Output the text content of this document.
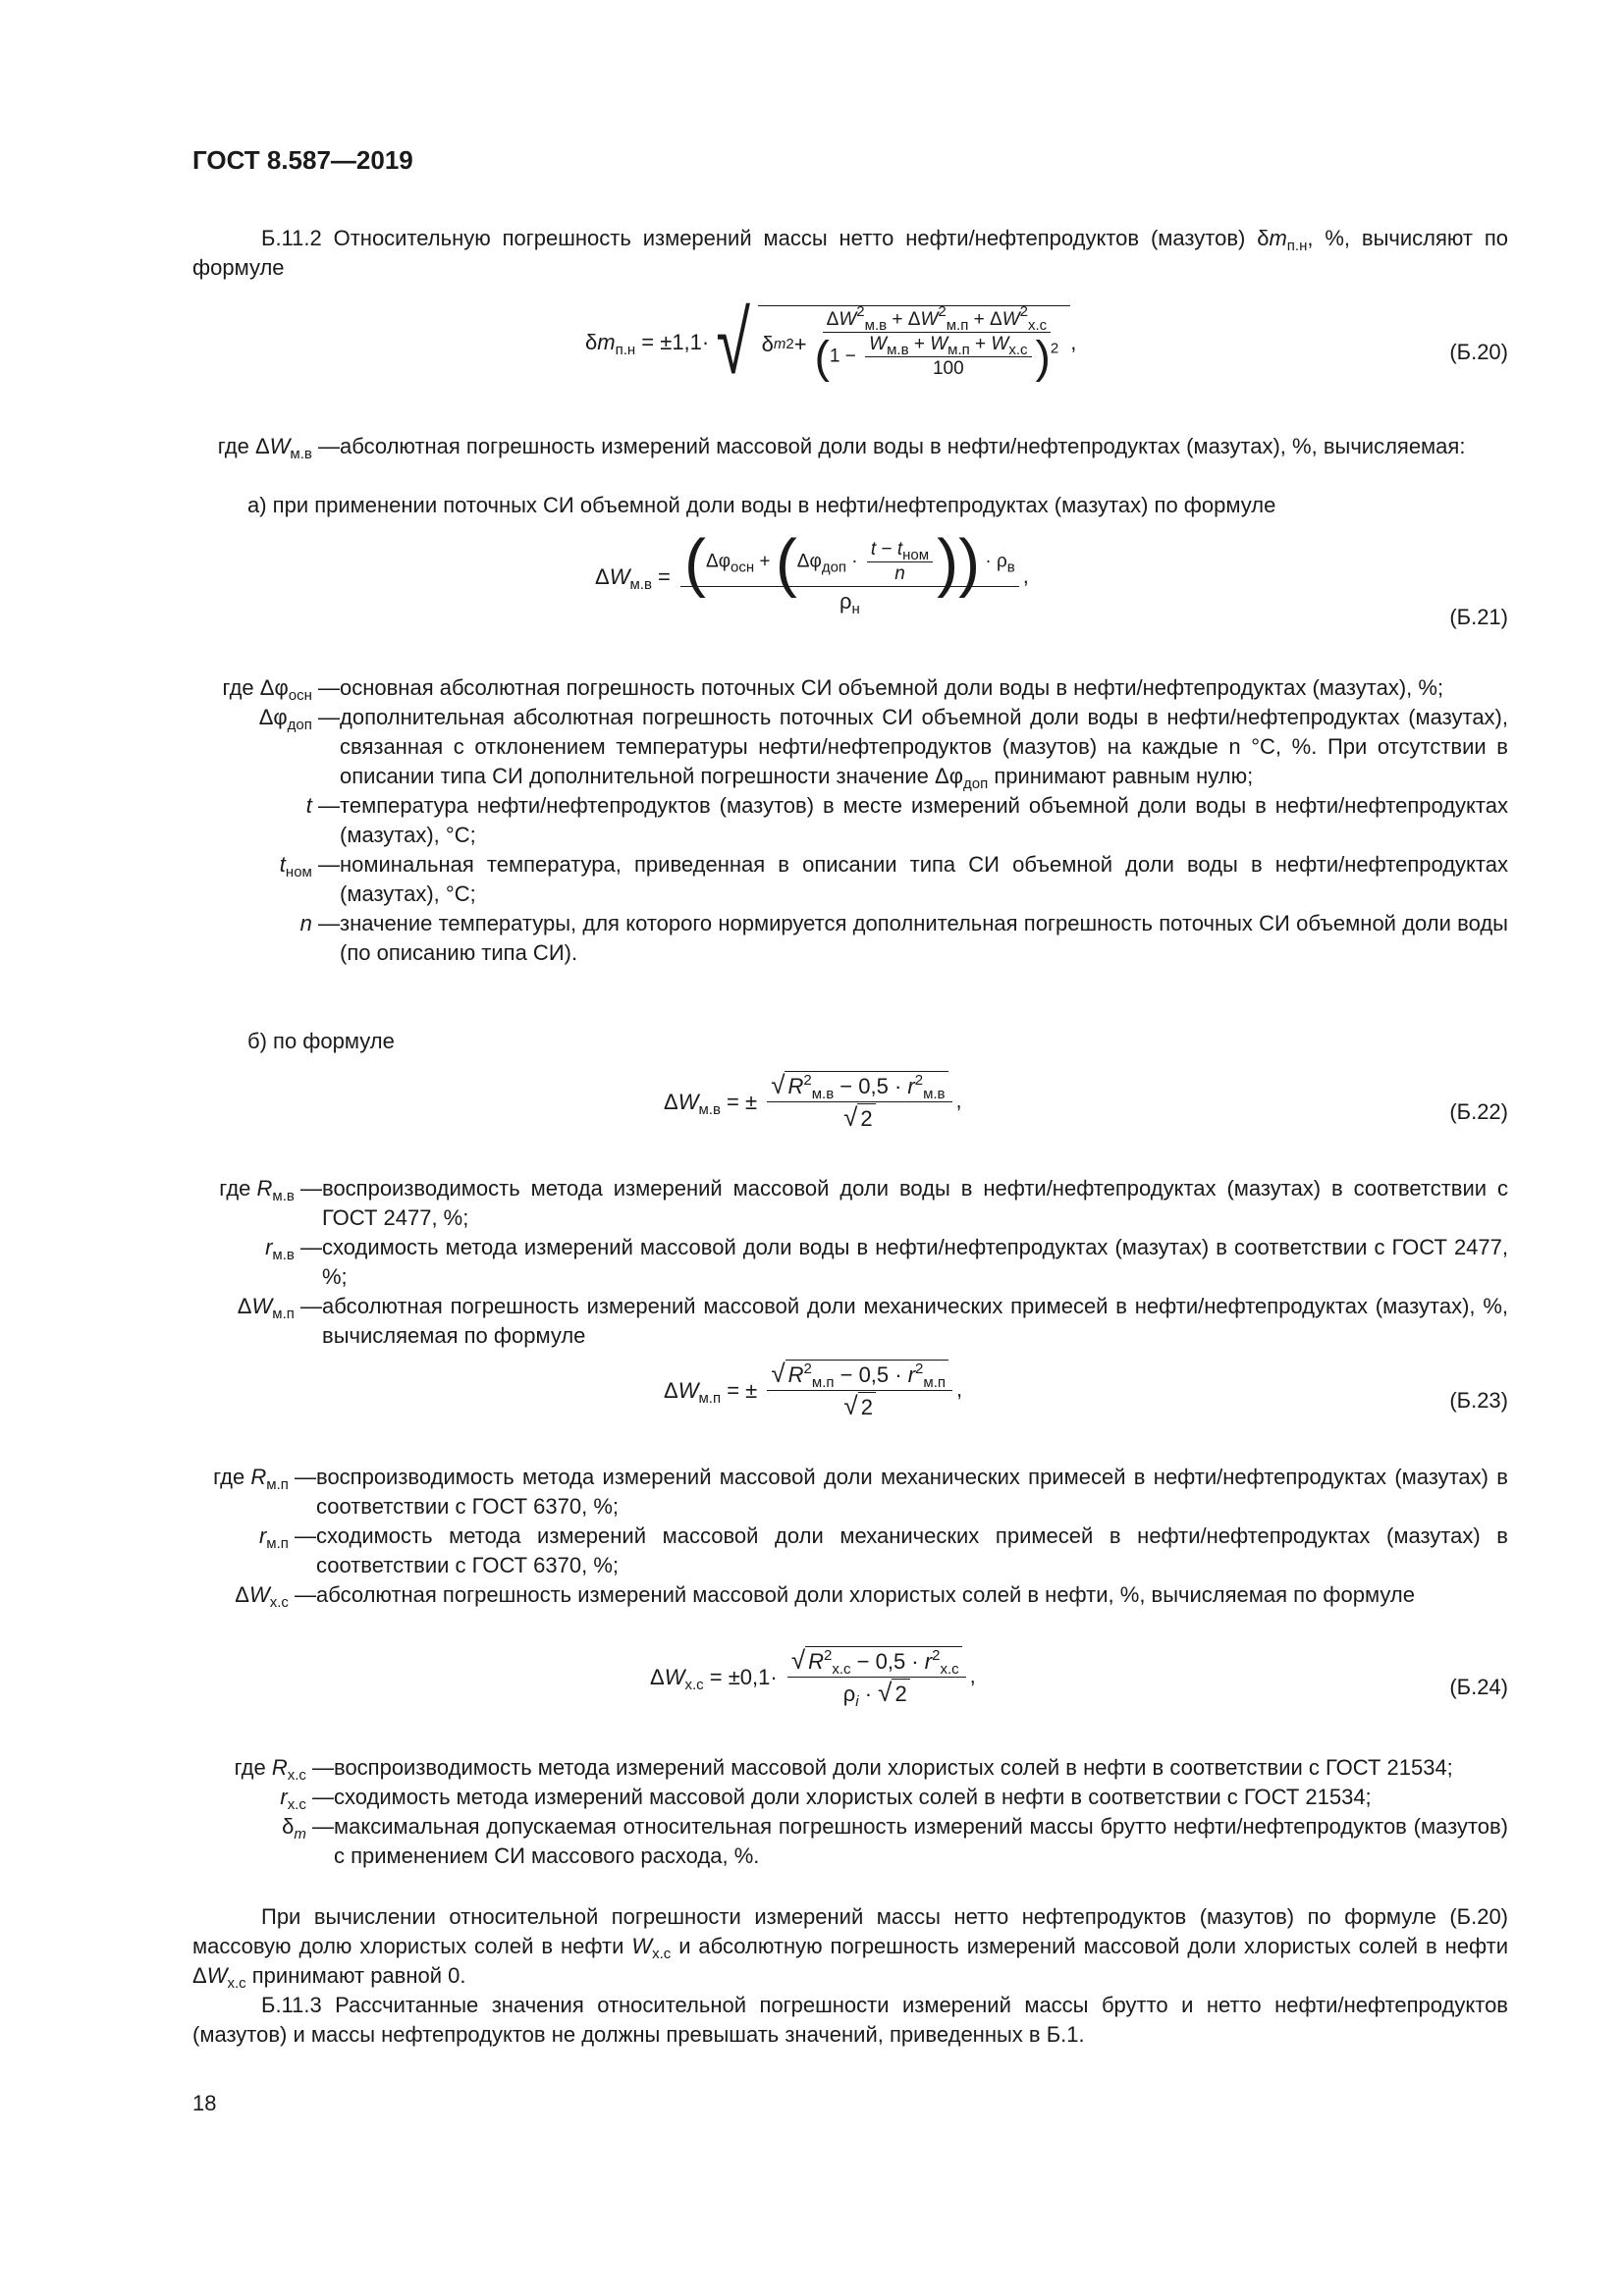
ГОСТ 8.587—2019
Б.11.2 Относительную погрешность измерений массы нетто нефти/нефтепродуктов (мазутов) $\delta m_{п.н}$, %, вычисляют по формуле
$\delta m_{п.н} = \pm 1,1\cdot√$ δ m $2 + \frac{\Delta W^2_{м.в} + \Delta W^2_{м.п} + \Delta W^2_{х.с}}{(1 - \frac{W_{м.в} + W_{м.п} + W_{х.с}}{100} )^2}$ ,	(Б.20)
где $\Delta W_{м.в}$ — абсолютная погрешность измерений массовой доли воды в нефти/нефтепродуктах (мазутах), %, вычисляемая:
а) при применении поточных СИ объемной доли воды в нефти/нефтепродуктах (мазутах) по формуле
$\Delta W_{м.в} = \frac{(\Delta\varphi_{осн} + (\Delta\varphi_{доп} \cdot \frac{t - t_{ном}}{n} )) \cdot \rho_в}{\rho_н}$ ,
(Б.21)
где $\Delta\varphi_{осн}$ — основная абсолютная погрешность поточных СИ объемной доли воды в нефти/нефтепродуктах (мазутах), %;
$\Delta\varphi_{доп}$ — дополнительная абсолютная погрешность поточных СИ объемной доли воды в нефти/нефтепродуктах (мазутах), связанная с отклонением температуры нефти/нефтепродуктов (мазутов) на каждые n °С, %. При отсутствии в описании типа СИ дополнительной погрешности значение $\Delta\varphi_{доп}$ принимают равным нулю;
t — температура нефти/нефтепродуктов (мазутов) в месте измерений объемной доли воды в нефти/нефтепродуктах (мазутах), °С;
$t_{ном}$ — номинальная температура, приведенная в описании типа СИ объемной доли воды в нефти/нефтепродуктах (мазутах), °С;
n — значение температуры, для которого нормируется дополнительная погрешность поточных СИ объемной доли воды (по описанию типа СИ).
б) по формуле
$\Delta W_{м.в}$ = ± $\frac{√ R^2_{м.в} - 0,5 \cdot r^2_{м.в}}{√ 2}$ ,	(Б.22)
где $R_{м.в}$ — воспроизводимость метода измерений массовой доли воды в нефти/нефтепродуктах (мазутах) в соответствии с ГОСТ 2477, %;
$r_{м.в}$ — сходимость метода измерений массовой доли воды в нефти/нефтепродуктах (мазутах) в соответствии с ГОСТ 2477, %;
$\Delta W_{м.п}$ — абсолютная погрешность измерений массовой доли механических примесей в нефти/нефтепродуктах (мазутах), %, вычисляемая по формуле
$\Delta W_{м.п}$ = ± $\frac{√ R^2_{м.п} - 0,5 \cdot r^2_{м.п}}{√ 2}$ ,	(Б.23)
где $R_{м.п}$ — воспроизводимость метода измерений массовой доли механических примесей в нефти/нефтепродуктах (мазутах) в соответствии с ГОСТ 6370, %;
$r_{м.п}$ — сходимость метода измерений массовой доли механических примесей в нефти/нефтепродуктах (мазутах) в соответствии с ГОСТ 6370, %;
$\Delta W_{х.с}$ — абсолютная погрешность измерений массовой доли хлористых солей в нефти, %, вычисляемая по формуле
$\Delta W_{х.с} = \pm 0,1\cdot \frac{√ R^2_{х.с} - 0,5 \cdot r^2_{х.с}}{\rho_i \cdot √ 2}$ ,	(Б.24)
где $R_{х.с}$ — воспроизводимость метода измерений массовой доли хлористых солей в нефти в соответствии с ГОСТ 21534;
$r_{х.с}$ — сходимость метода измерений массовой доли хлористых солей в нефти в соответствии с ГОСТ 21534;
$\delta_m$ — максимальная допускаемая относительная погрешность измерений массы брутто нефти/нефтепродуктов (мазутов) с применением СИ массового расхода, %.
При вычислении относительной погрешности измерений массы нетто нефтепродуктов (мазутов) по формуле (Б.20) массовую долю хлористых солей в нефти $W_{х.с}$ и абсолютную погрешность измерений массовой доли хлористых солей в нефти $\Delta W_{х.с}$ принимают равной 0.
Б.11.3 Рассчитанные значения относительной погрешности измерений массы брутто и нетто нефти/нефтепродуктов (мазутов) и массы нефтепродуктов не должны превышать значений, приведенных в Б.1.
18
